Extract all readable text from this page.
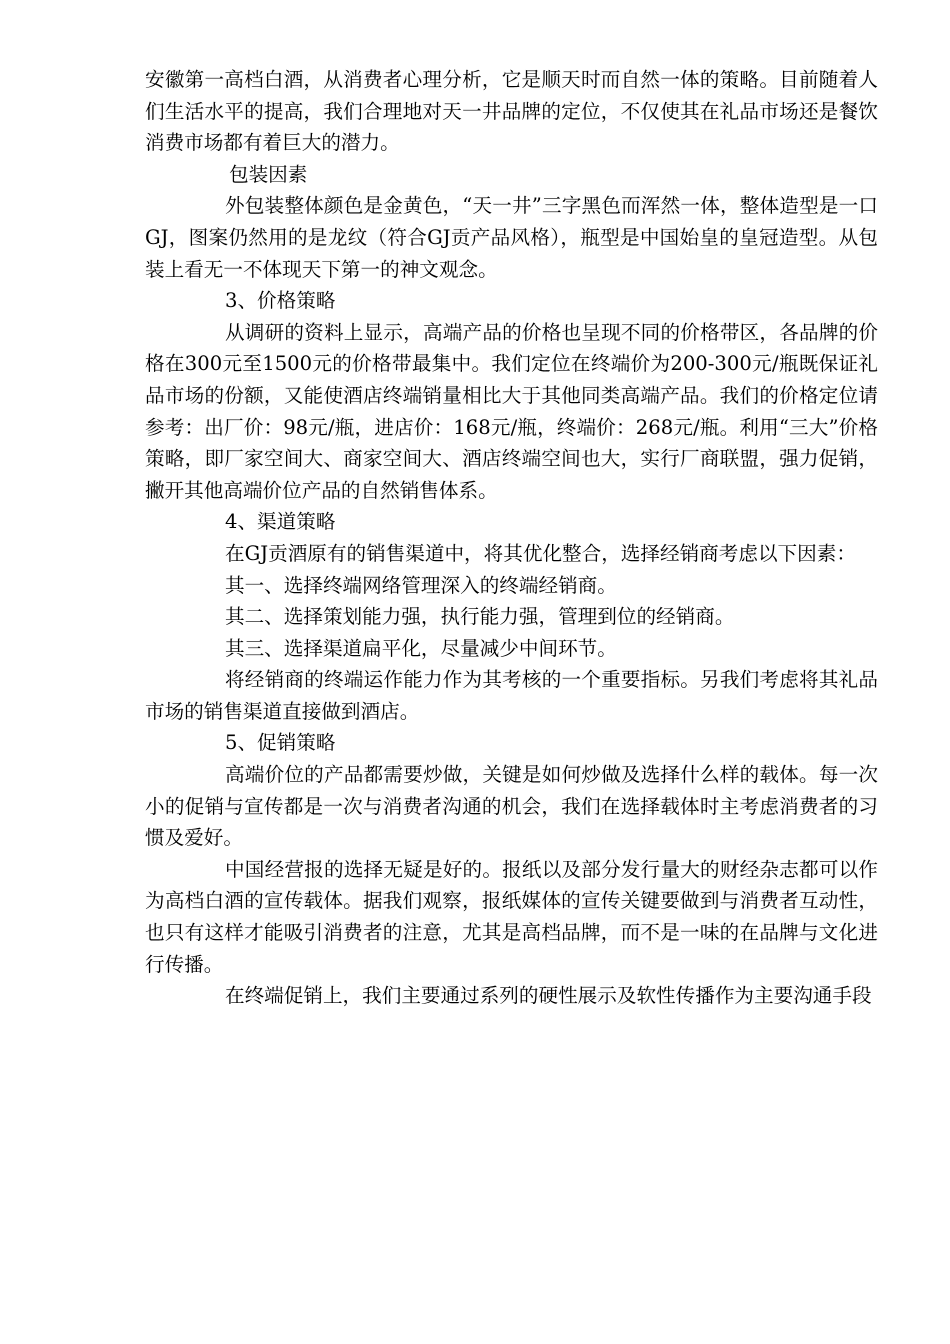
安徽第一高档白酒，从消费者心理分析，它是顺天时而自然一体的策略。目前随着人们生活水平的提高，我们合理地对天一井品牌的定位，不仅使其在礼品市场还是餐饮消费市场都有着巨大的潜力。

包装因素

外包装整体颜色是金黄色，“天一井”三字黑色而浑然一体，整体造型是一口GJ，图案仍然用的是龙纹（符合GJ贡产品风格），瓶型是中国始皇的皇冠造型。从包装上看无一不体现天下第一的神文观念。

3、价格策略

从调研的资料上显示，高端产品的价格也呈现不同的价格带区，各品牌的价格在300元至1500元的价格带最集中。我们定位在终端价为200-300元/瓶既保证礼品市场的份额，又能使酒店终端销量相比大于其他同类高端产品。我们的价格定位请参考：出厂价：98元/瓶，进店价：168元/瓶，终端价：268元/瓶。利用“三大”价格策略，即厂家空间大、商家空间大、酒店终端空间也大，实行厂商联盟，强力促销，撇开其他高端价位产品的自然销售体系。

4、渠道策略

在GJ贡酒原有的销售渠道中，将其优化整合，选择经销商考虑以下因素：

其一、选择终端网络管理深入的终端经销商。

其二、选择策划能力强，执行能力强，管理到位的经销商。

其三、选择渠道扁平化，尽量减少中间环节。

将经销商的终端运作能力作为其考核的一个重要指标。另我们考虑将其礼品市场的销售渠道直接做到酒店。

5、促销策略

高端价位的产品都需要炒做，关键是如何炒做及选择什么样的载体。每一次小的促销与宣传都是一次与消费者沟通的机会，我们在选择载体时主考虑消费者的习惯及爱好。

中国经营报的选择无疑是好的。报纸以及部分发行量大的财经杂志都可以作为高档白酒的宣传载体。据我们观察，报纸媒体的宣传关键要做到与消费者互动性，也只有这样才能吸引消费者的注意，尤其是高档品牌，而不是一味的在品牌与文化进行传播。

在终端促销上，我们主要通过系列的硬性展示及软性传播作为主要沟通手段
